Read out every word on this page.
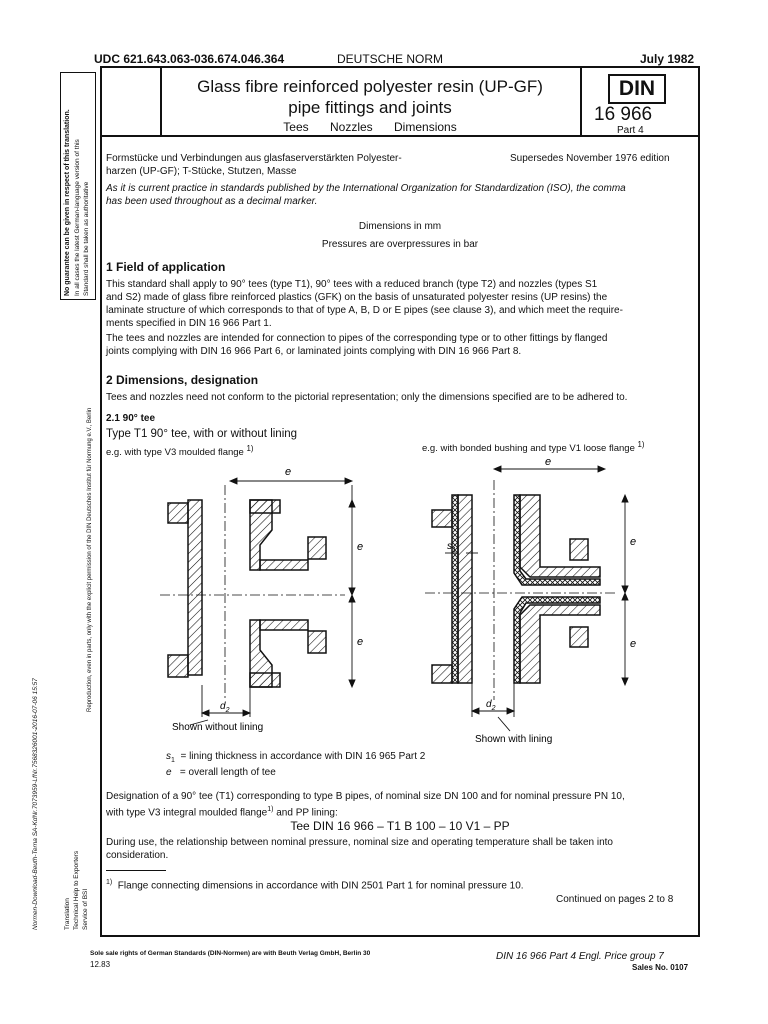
UDC 621.643.063-036.674.046.364	DEUTSCHE NORM	July 1982
Glass fibre reinforced polyester resin (UP-GF)
pipe fittings and joints
Tees Nozzles Dimensions
DIN
16 966
Part 4
No guarantee can be given in respect of this translation. In all cases the latest German-language version of this Standard shall be taken as authoritative
Reproduction, even in parts, only with the explicit permission of the DIN Deutsches Institut für Normung e.V., Berlin
Normen-Download-Beuth-Terna SA-KdNr.7073959-LfNr.7568326001-2016-07-06 15:57	Translation Technical Help to Exporters Service of BSI
Formstücke und Verbindungen aus glasfaserverstärkten Polyester-
harzen (UP-GF); T-Stücke, Stutzen, Masse
Supersedes November 1976 edition
As it is current practice in standards published by the International Organization for Standardization (ISO), the comma
has been used throughout as a decimal marker.
Dimensions in mm
Pressures are overpressures in bar
1 Field of application
This standard shall apply to 90° tees (type T1), 90° tees with a reduced branch (type T2) and nozzles (types S1
and S2) made of glass fibre reinforced plastics (GFK) on the basis of unsaturated polyester resins (UP resins) the
laminate structure of which corresponds to that of type A, B, D or E pipes (see clause 3), and which meet the require-
ments specified in DIN 16 966 Part 1.
The tees and nozzles are intended for connection to pipes of the corresponding type or to other fittings by flanged
joints complying with DIN 16 966 Part 6, or laminated joints complying with DIN 16 966 Part 8.
2 Dimensions, designation
Tees and nozzles need not conform to the pictorial representation; only the dimensions specified are to be adhered to.
2.1 90° tee
Type T1 90° tee, with or without lining
e.g. with type V3 moulded flange $^{1)}$	e.g. with bonded bushing and type V1 loose flange $^{1)}$
e
e
e
$d_2$
Shown without lining
e
e
e
$s_1$
$d_2$
Shown with lining
$s_1$ = lining thickness in accordance with DIN 16 965 Part 2
e = overall length of tee
Designation of a 90° tee (T1) corresponding to type B pipes, of nominal size DN 100 and for nominal pressure PN 10,
with type V3 integral moulded flange$^{1)}$ and PP lining:
Tee DIN 16 966 – T1 B 100 – 10 V1 – PP
During use, the relationship between nominal pressure, nominal size and operating temperature shall be taken into
consideration.
$^{1)}$ Flange connecting dimensions in accordance with DIN 2501 Part 1 for nominal pressure 10.
Continued on pages 2 to 8
Sole sale rights of German Standards (DIN-Normen) are with Beuth Verlag GmbH, Berlin 30
12.83
DIN 16 966 Part 4 Engl. Price group 7
Sales No. 0107
